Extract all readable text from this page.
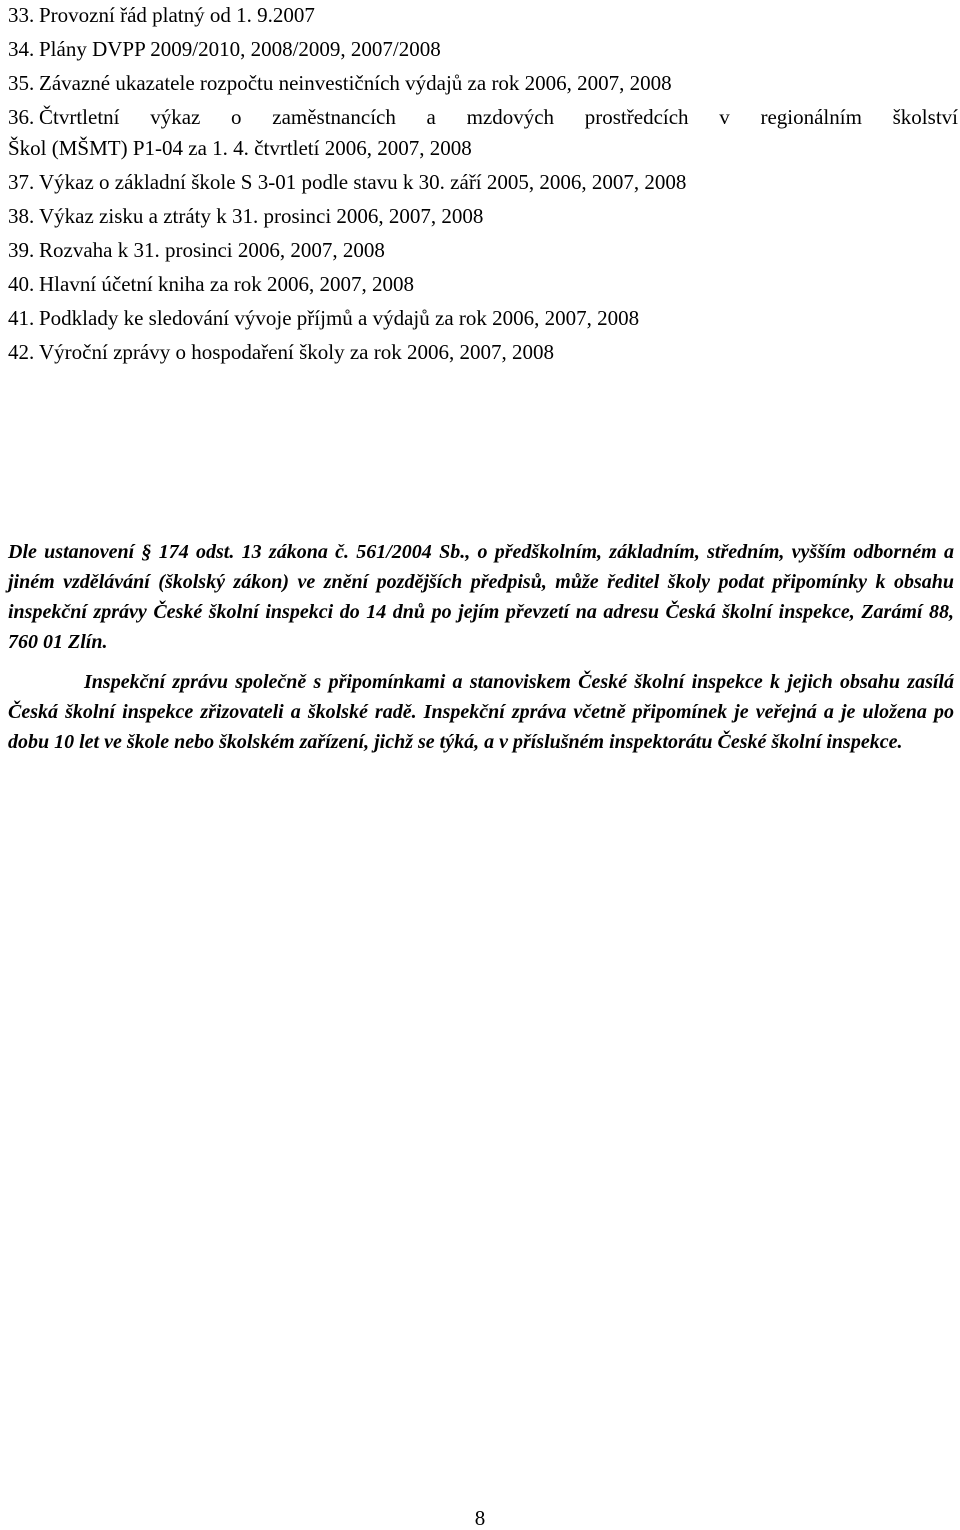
33. Provozní řád platný od 1. 9.2007
34. Plány DVPP 2009/2010, 2008/2009, 2007/2008
35. Závazné ukazatele rozpočtu neinvestičních výdajů za rok 2006, 2007, 2008
36. Čtvrtletní výkaz o zaměstnancích a mzdových prostředcích v regionálním školství
Škol (MŠMT) P1-04 za 1. 4. čtvrtletí 2006, 2007, 2008
37. Výkaz o základní škole S 3-01 podle stavu k 30. září 2005, 2006, 2007, 2008
38. Výkaz zisku a ztráty k 31. prosinci 2006, 2007, 2008
39. Rozvaha k 31. prosinci 2006, 2007, 2008
40. Hlavní účetní kniha za rok 2006, 2007, 2008
41. Podklady ke sledování vývoje příjmů a výdajů za rok 2006, 2007, 2008
42. Výroční zprávy o hospodaření školy za rok 2006, 2007, 2008

Dle ustanovení § 174 odst. 13 zákona č. 561/2004 Sb., o předškolním, základním, středním, vyšším odborném a jiném vzdělávání (školský zákon) ve znění pozdějších předpisů, může ředitel školy podat připomínky k obsahu inspekční zprávy České školní inspekci do 14 dnů po jejím převzetí na adresu Česká školní inspekce, Zarámí 88, 760 01 Zlín.

Inspekční zprávu společně s připomínkami a stanoviskem České školní inspekce k jejich obsahu zasílá Česká školní inspekce zřizovateli a školské radě. Inspekční zpráva včetně připomínek je veřejná a je uložena po dobu 10 let ve škole nebo školském zařízení, jichž se týká, a v příslušném inspektorátu České školní inspekce.

8
